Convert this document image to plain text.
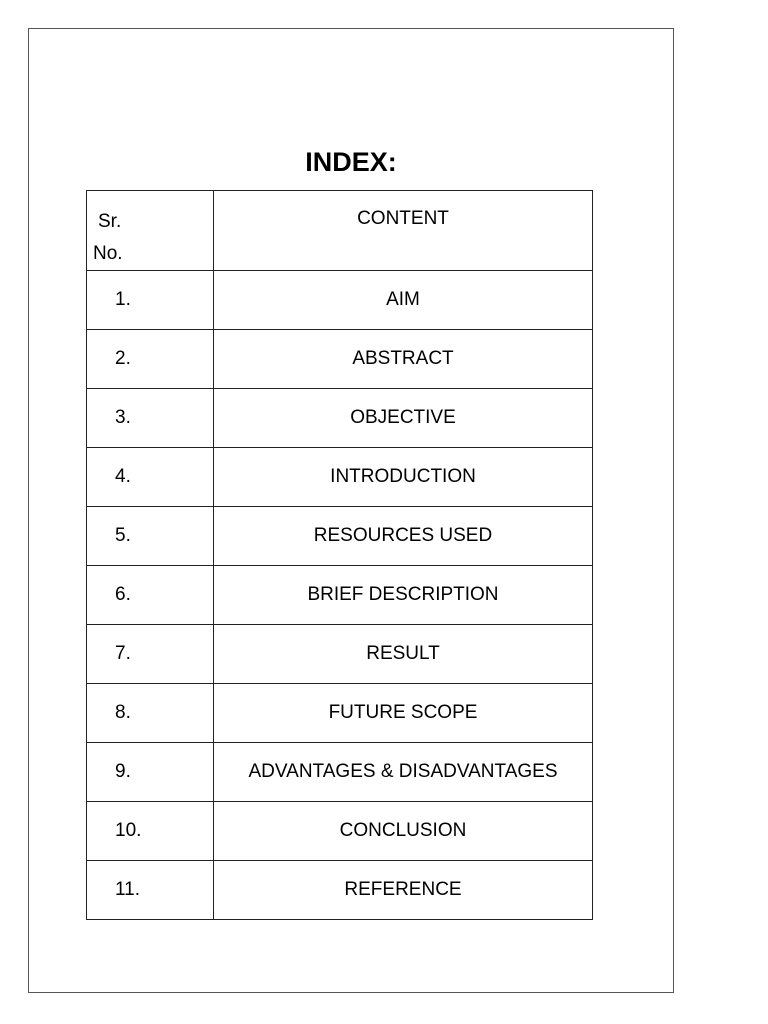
INDEX:
Sr.
No.	CONTENT
1.	AIM
2.	ABSTRACT
3.	OBJECTIVE
4.	INTRODUCTION
5.	RESOURCES USED
6.	BRIEF DESCRIPTION
7.	RESULT
8.	FUTURE SCOPE
9.	ADVANTAGES & DISADVANTAGES
10.	CONCLUSION
11.	REFERENCE
